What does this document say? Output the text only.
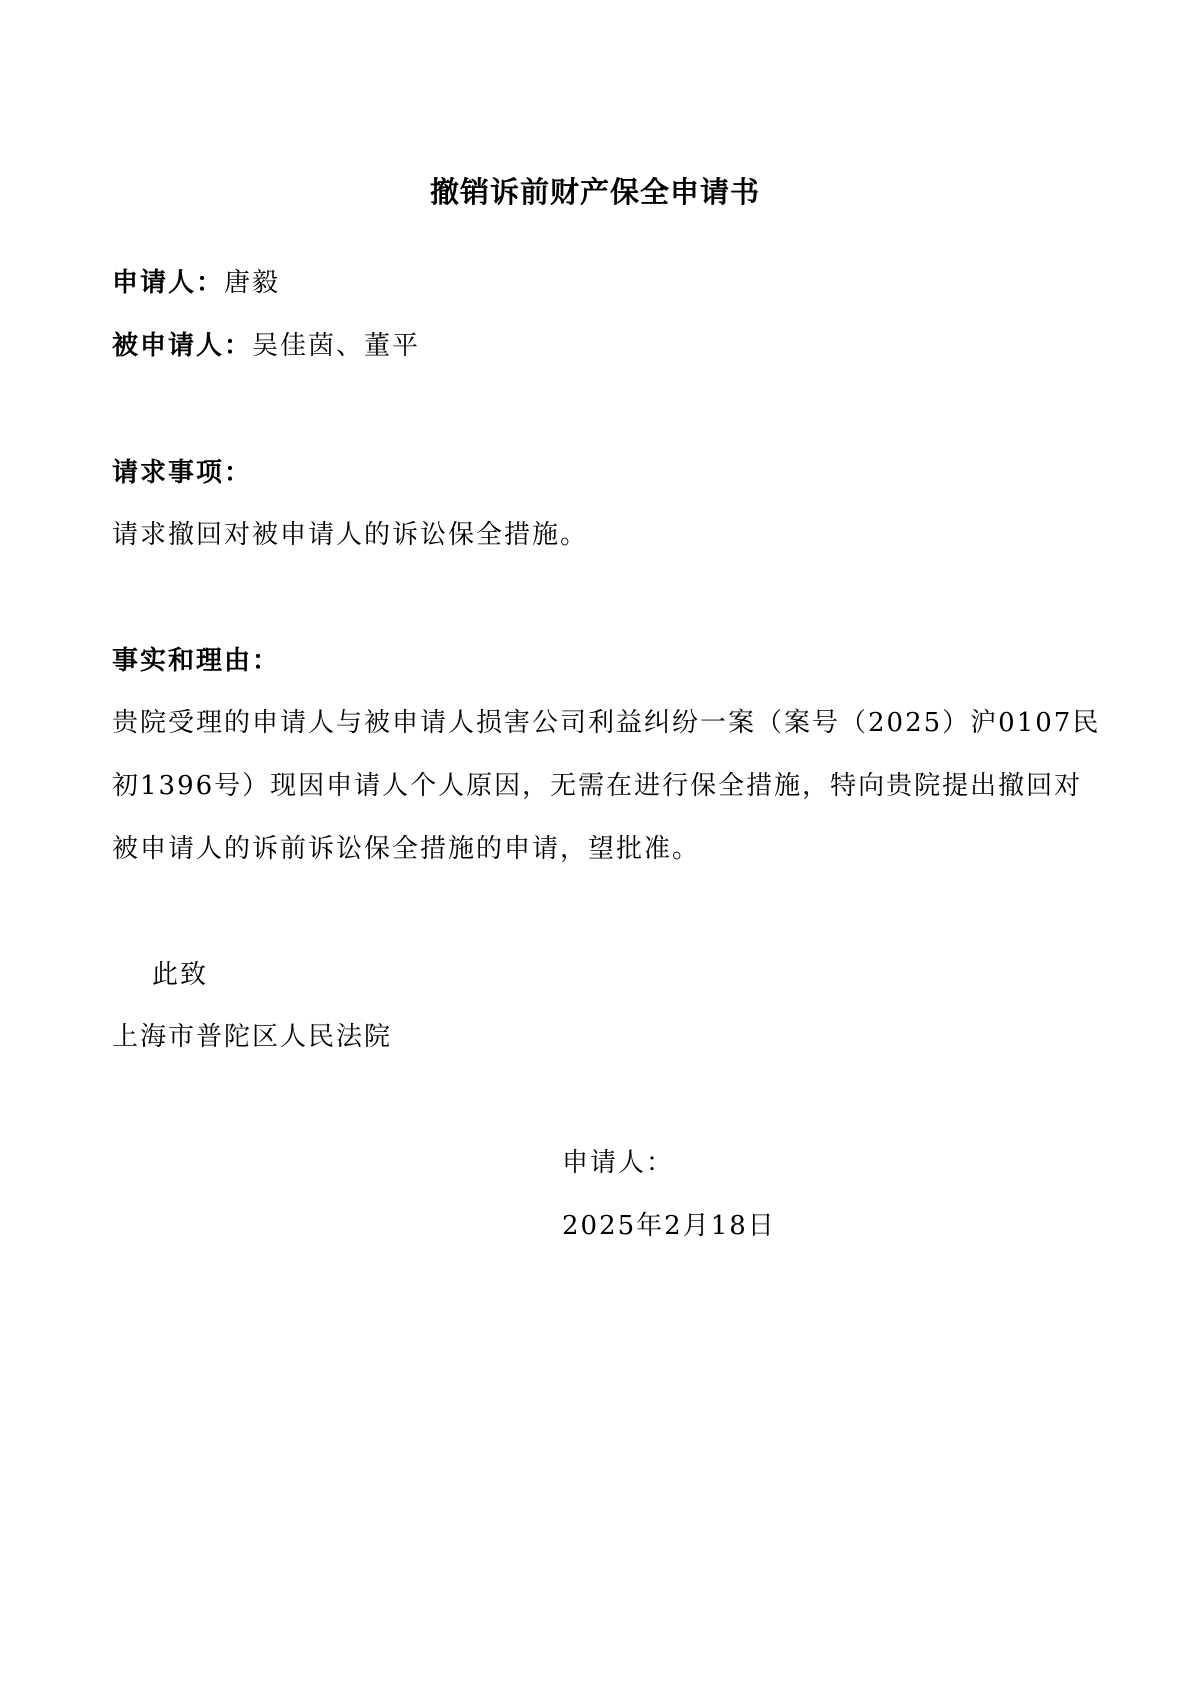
撤销诉前财产保全申请书
申请人：唐毅
被申请人：吴佳茵、董平
请求事项：
请求撤回对被申请人的诉讼保全措施。
事实和理由：
贵院受理的申请人与被申请人损害公司利益纠纷一案（案号（2025）沪0107民
初1396号）现因申请人个人原因，无需在进行保全措施，特向贵院提出撤回对
被申请人的诉前诉讼保全措施的申请，望批准。
此致
上海市普陀区人民法院
申请人：
2025年2月18日
